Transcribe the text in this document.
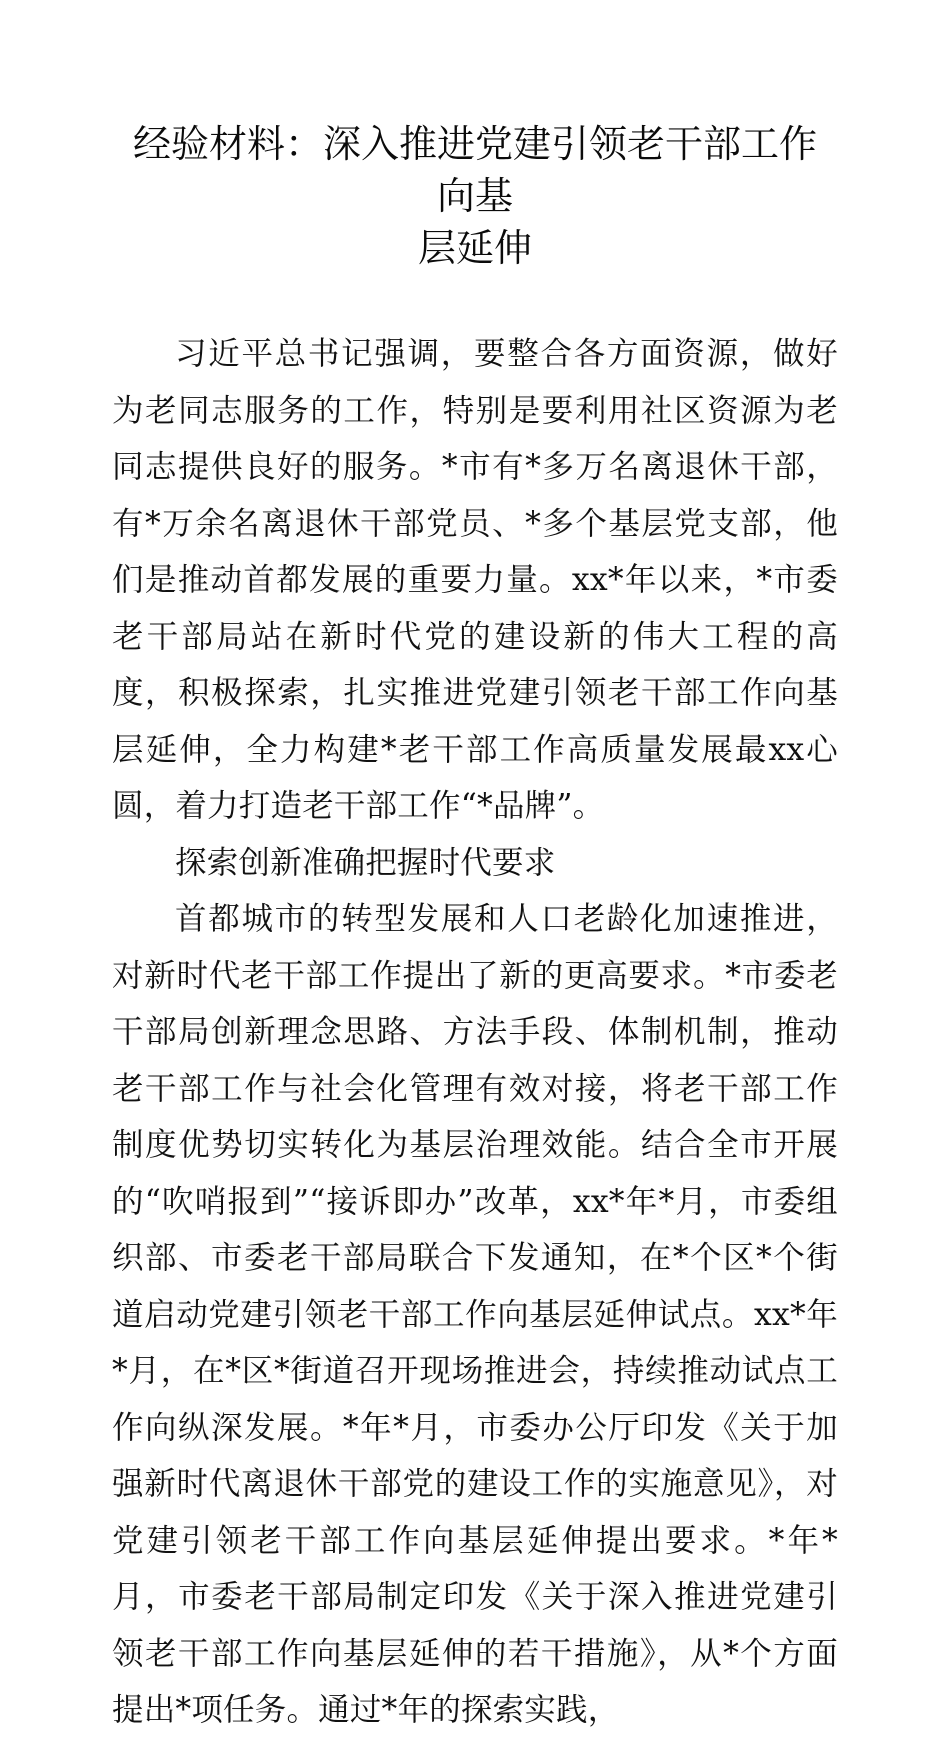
经验材料：深入推进党建引领老干部工作向基
层延伸

习近平总书记强调，要整合各方面资源，做好为老同志服务的工作，特别是要利用社区资源为老同志提供良好的服务。*市有*多万名离退休干部，有*万余名离退休干部党员、*多个基层党支部，他们是推动首都发展的重要力量。xx*年以来，*市委老干部局站在新时代党的建设新的伟大工程的高度，积极探索，扎实推进党建引领老干部工作向基层延伸，全力构建*老干部工作高质量发展最xx心圆，着力打造老干部工作“*品牌”。

探索创新准确把握时代要求

首都城市的转型发展和人口老龄化加速推进，对新时代老干部工作提出了新的更高要求。*市委老干部局创新理念思路、方法手段、体制机制，推动老干部工作与社会化管理有效对接，将老干部工作制度优势切实转化为基层治理效能。结合全市开展的“吹哨报到”“接诉即办”改革，xx*年*月，市委组织部、市委老干部局联合下发通知，在*个区*个街道启动党建引领老干部工作向基层延伸试点。xx*年*月，在*区*街道召开现场推进会，持续推动试点工作向纵深发展。*年*月，市委办公厅印发《关于加强新时代离退休干部党的建设工作的实施意见》，对党建引领老干部工作向基层延伸提出要求。*年*月，市委老干部局制定印发《关于深入推进党建引领老干部工作向基层延伸的若干措施》，从*个方面提出*项任务。通过*年的探索实践，
